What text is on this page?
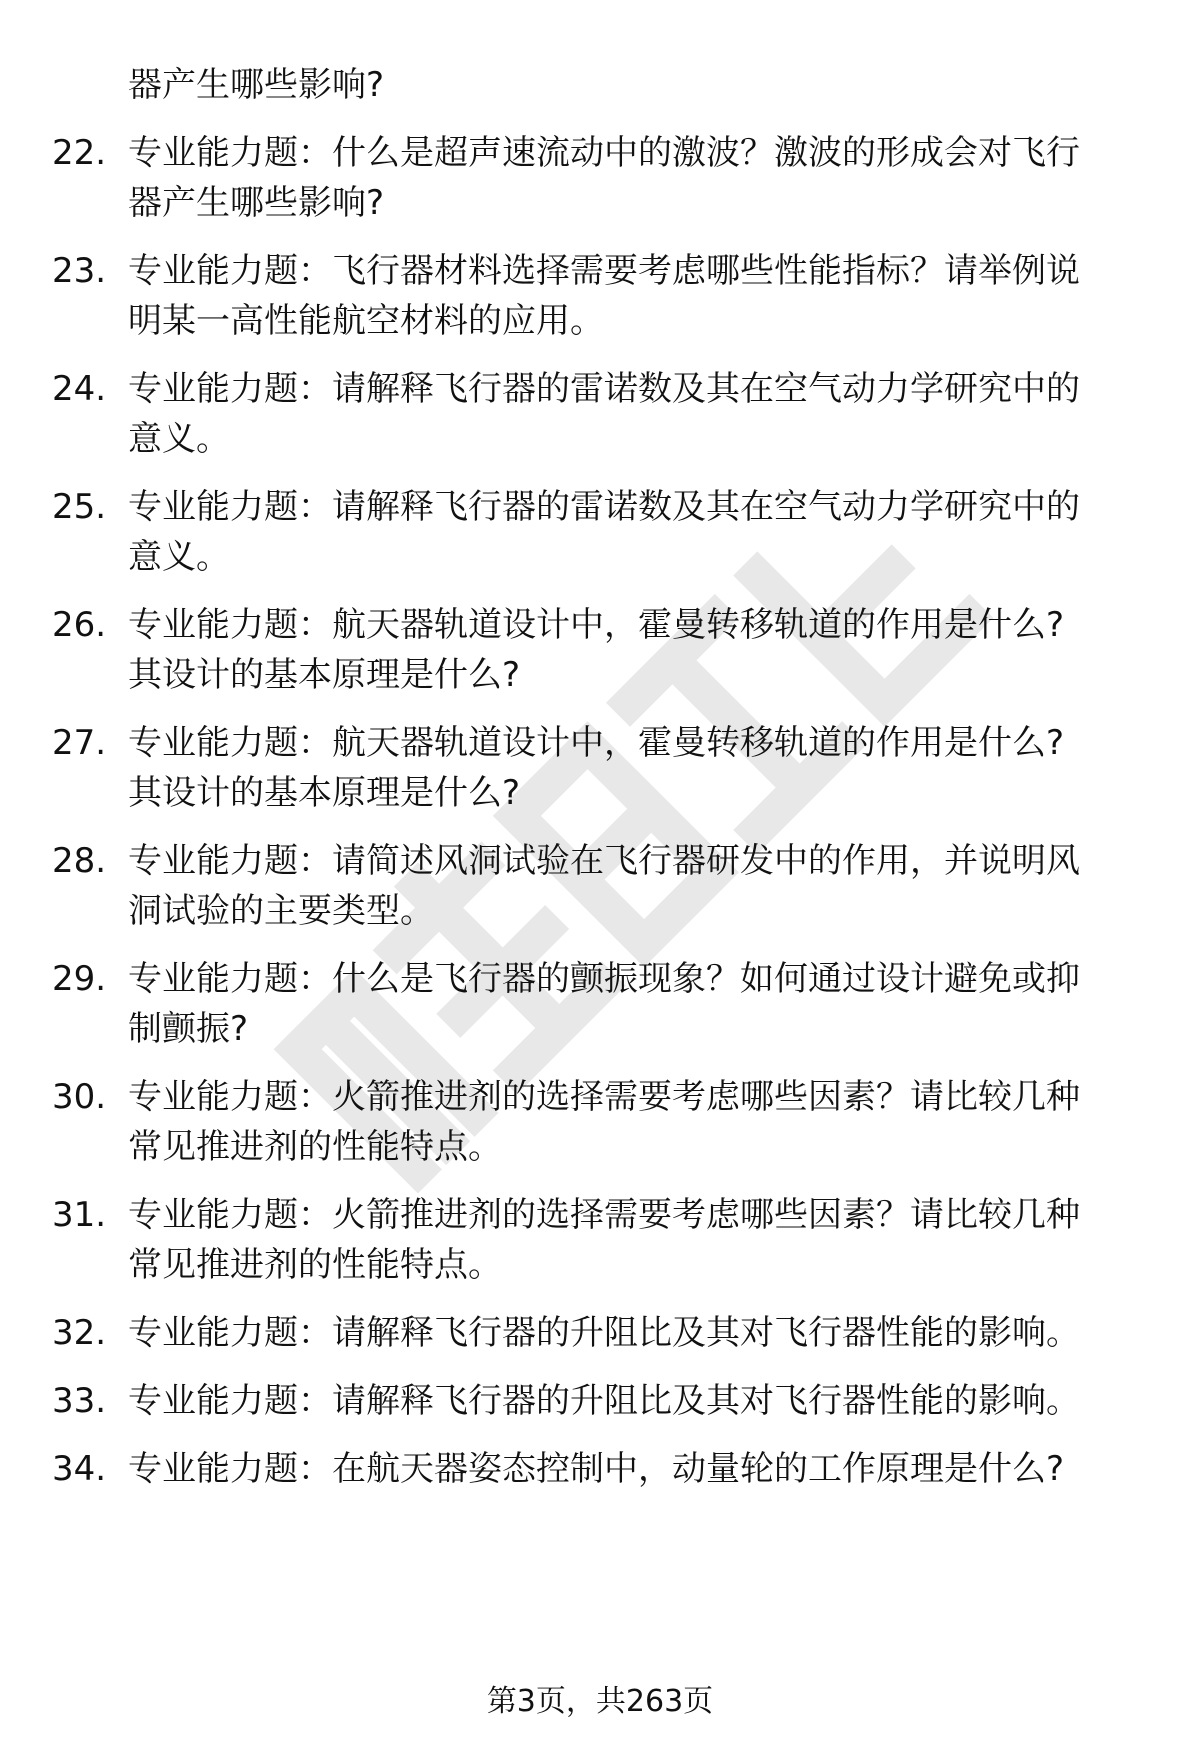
器产生哪些影响?
22. 专业能力题：什么是超声速流动中的激波？激波的形成会对飞行
器产生哪些影响?
23. 专业能力题：飞行器材料选择需要考虑哪些性能指标？请举例说
明某一高性能航空材料的应用。
24. 专业能力题：请解释飞行器的雷诺数及其在空气动力学研究中的
意义。
25. 专业能力题：请解释飞行器的雷诺数及其在空气动力学研究中的
意义。
26. 专业能力题：航天器轨道设计中，霍曼转移轨道的作用是什么?
其设计的基本原理是什么?
27. 专业能力题：航天器轨道设计中，霍曼转移轨道的作用是什么?
其设计的基本原理是什么?
28. 专业能力题：请简述风洞试验在飞行器研发中的作用，并说明风
洞试验的主要类型。
29. 专业能力题：什么是飞行器的颤振现象？如何通过设计避免或抑
制颤振?
30. 专业能力题：火箭推进剂的选择需要考虑哪些因素？请比较几种
常见推进剂的性能特点。
31. 专业能力题：火箭推进剂的选择需要考虑哪些因素？请比较几种
常见推进剂的性能特点。
32. 专业能力题：请解释飞行器的升阻比及其对飞行器性能的影响。
33. 专业能力题：请解释飞行器的升阻比及其对飞行器性能的影响。
34. 专业能力题：在航天器姿态控制中，动量轮的工作原理是什么?
第3页，共263页
